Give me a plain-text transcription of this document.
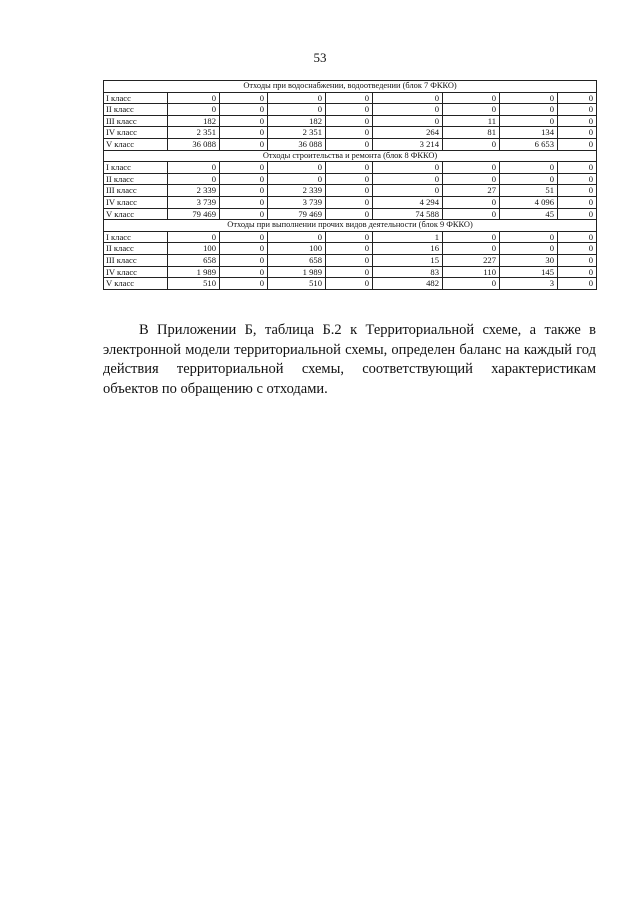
53
Отходы при водоснабжении, водоотведении (блок 7 ФККО)								
I класс	0	0	0	0	0	0	0	0
II класс	0	0	0	0	0	0	0	0
III класс	182	0	182	0	0	11	0	0
IV класс	2 351	0	2 351	0	264	81	134	0
V класс	36 088	0	36 088	0	3 214	0	6 653	0
Отходы строительства и ремонта (блок 8 ФККО)								
I класс	0	0	0	0	0	0	0	0
II класс	0	0	0	0	0	0	0	0
III класс	2 339	0	2 339	0	0	27	51	0
IV класс	3 739	0	3 739	0	4 294	0	4 096	0
V класс	79 469	0	79 469	0	74 588	0	45	0
Отходы при выполнении прочих видов деятельности (блок 9 ФККО)								
I класс	0	0	0	0	1	0	0	0
II класс	100	0	100	0	16	0	0	0
III класс	658	0	658	0	15	227	30	0
IV класс	1 989	0	1 989	0	83	110	145	0
V класс	510	0	510	0	482	0	3	0

В Приложении Б, таблица Б.2 к Территориальной схеме, а также в электронной модели территориальной схемы, определен баланс на каждый год действия территориальной схемы, соответствующий характеристикам объектов по обращению с отходами.
